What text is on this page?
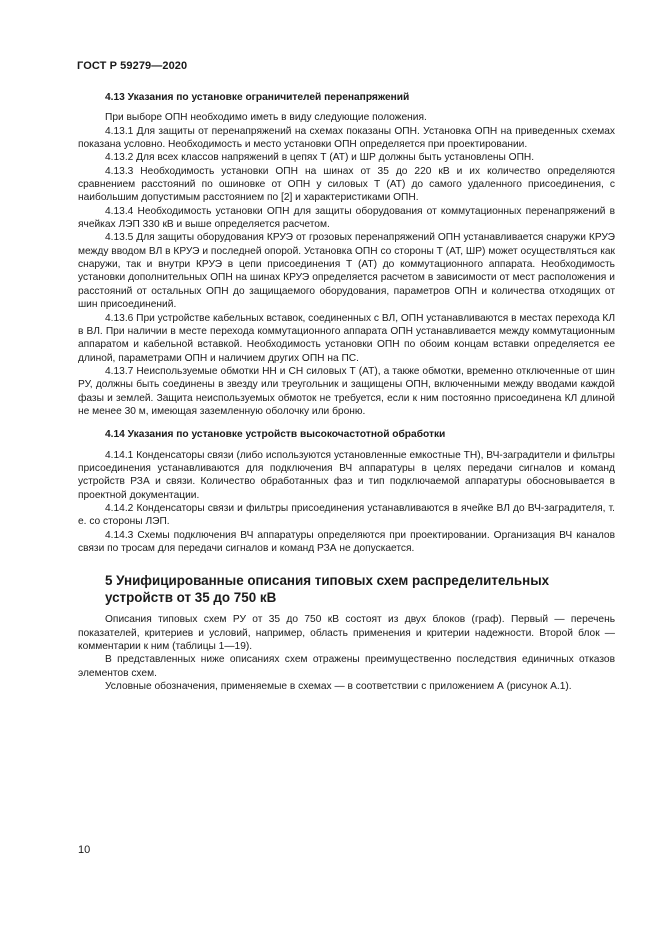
ГОСТ Р 59279—2020
4.13 Указания по установке ограничителей перенапряжений

При выборе ОПН необходимо иметь в виду следующие положения.

4.13.1 Для защиты от перенапряжений на схемах показаны ОПН. Установка ОПН на приведенных схемах показана условно. Необходимость и место установки ОПН определяется при проектировании.

4.13.2 Для всех классов напряжений в цепях Т (АТ) и ШР должны быть установлены ОПН.

4.13.3 Необходимость установки ОПН на шинах от 35 до 220 кВ и их количество определяются сравнением расстояний по ошиновке от ОПН у силовых Т (АТ) до самого удаленного присоединения, с наибольшим допустимым расстоянием по [2] и характеристиками ОПН.

4.13.4 Необходимость установки ОПН для защиты оборудования от коммутационных перенапряжений в ячейках ЛЭП 330 кВ и выше определяется расчетом.

4.13.5 Для защиты оборудования КРУЭ от грозовых перенапряжений ОПН устанавливается снаружи КРУЭ между вводом ВЛ в КРУЭ и последней опорой. Установка ОПН со стороны Т (АТ, ШР) может осуществляться как снаружи, так и внутри КРУЭ в цепи присоединения Т (АТ) до коммутационного аппарата. Необходимость установки дополнительных ОПН на шинах КРУЭ определяется расчетом в зависимости от мест расположения и расстояний от остальных ОПН до защищаемого оборудования, параметров ОПН и количества отходящих от шин присоединений.

4.13.6 При устройстве кабельных вставок, соединенных с ВЛ, ОПН устанавливаются в местах перехода КЛ в ВЛ. При наличии в месте перехода коммутационного аппарата ОПН устанавливается между коммутационным аппаратом и кабельной вставкой. Необходимость установки ОПН по обоим концам вставки определяется ее длиной, параметрами ОПН и наличием других ОПН на ПС.

4.13.7 Неиспользуемые обмотки НН и СН силовых Т (АТ), а также обмотки, временно отключенные от шин РУ, должны быть соединены в звезду или треугольник и защищены ОПН, включенными между вводами каждой фазы и землей. Защита неиспользуемых обмоток не требуется, если к ним постоянно присоединена КЛ длиной не менее 30 м, имеющая заземленную оболочку или броню.

4.14 Указания по установке устройств высокочастотной обработки

4.14.1 Конденсаторы связи (либо используются установленные емкостные ТН), ВЧ-заградители и фильтры присоединения устанавливаются для подключения ВЧ аппаратуры в целях передачи сигналов и команд устройств РЗА и связи. Количество обработанных фаз и тип подключаемой аппаратуры обосновывается в проектной документации.

4.14.2 Конденсаторы связи и фильтры присоединения устанавливаются в ячейке ВЛ до ВЧ-заградителя, т. е. со стороны ЛЭП.

4.14.3 Схемы подключения ВЧ аппаратуры определяются при проектировании. Организация ВЧ каналов связи по тросам для передачи сигналов и команд РЗА не допускается.

5 Унифицированные описания типовых схем распределительных устройств от 35 до 750 кВ

Описания типовых схем РУ от 35 до 750 кВ состоят из двух блоков (граф). Первый — перечень показателей, критериев и условий, например, область применения и критерии надежности. Второй блок — комментарии к ним (таблицы 1—19).

В представленных ниже описаниях схем отражены преимущественно последствия единичных отказов элементов схем.

Условные обозначения, применяемые в схемах — в соответствии с приложением А (рисунок А.1).

10
